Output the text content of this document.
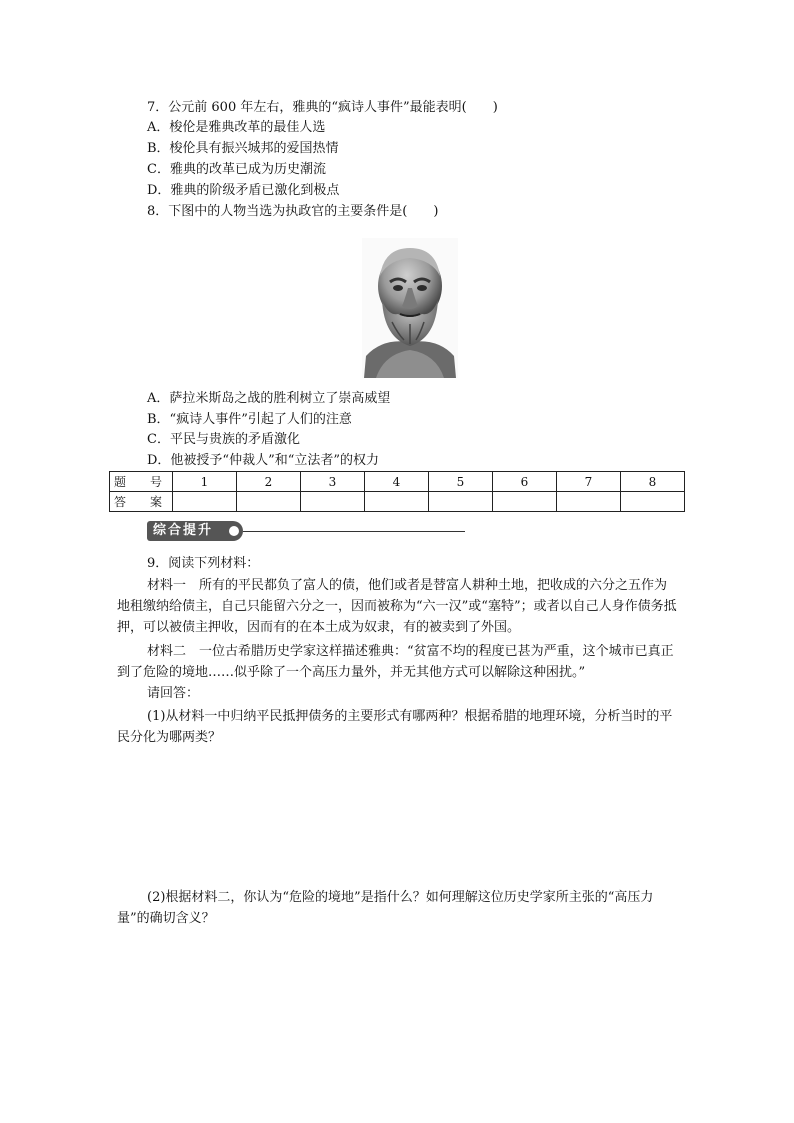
7．公元前 600 年左右，雅典的“疯诗人事件”最能表明(　　)
A．梭伦是雅典改革的最佳人选
B．梭伦具有振兴城邦的爱国热情
C．雅典的改革已成为历史潮流
D．雅典的阶级矛盾已激化到极点
8．下图中的人物当选为执政官的主要条件是(　　)
A．萨拉米斯岛之战的胜利树立了崇高威望
B．“疯诗人事件”引起了人们的注意
C．平民与贵族的矛盾激化
D．他被授予“仲裁人”和“立法者”的权力
题　号	1	2	3	4	5	6	7	8
答　案								
综合提升
9．阅读下列材料：
材料一　所有的平民都负了富人的债，他们或者是替富人耕种土地，把收成的六分之五作为地租缴纳给债主，自己只能留六分之一，因而被称为“六一汉”或“塞特”；或者以自己人身作债务抵押，可以被债主押收，因而有的在本土成为奴隶，有的被卖到了外国。
材料二　一位古希腊历史学家这样描述雅典：“贫富不均的程度已甚为严重，这个城市已真正到了危险的境地……似乎除了一个高压力量外，并无其他方式可以解除这种困扰。”
请回答：
(1)从材料一中归纳平民抵押债务的主要形式有哪两种？根据希腊的地理环境，分析当时的平民分化为哪两类？
(2)根据材料二，你认为“危险的境地”是指什么？如何理解这位历史学家所主张的“高压力量”的确切含义？
